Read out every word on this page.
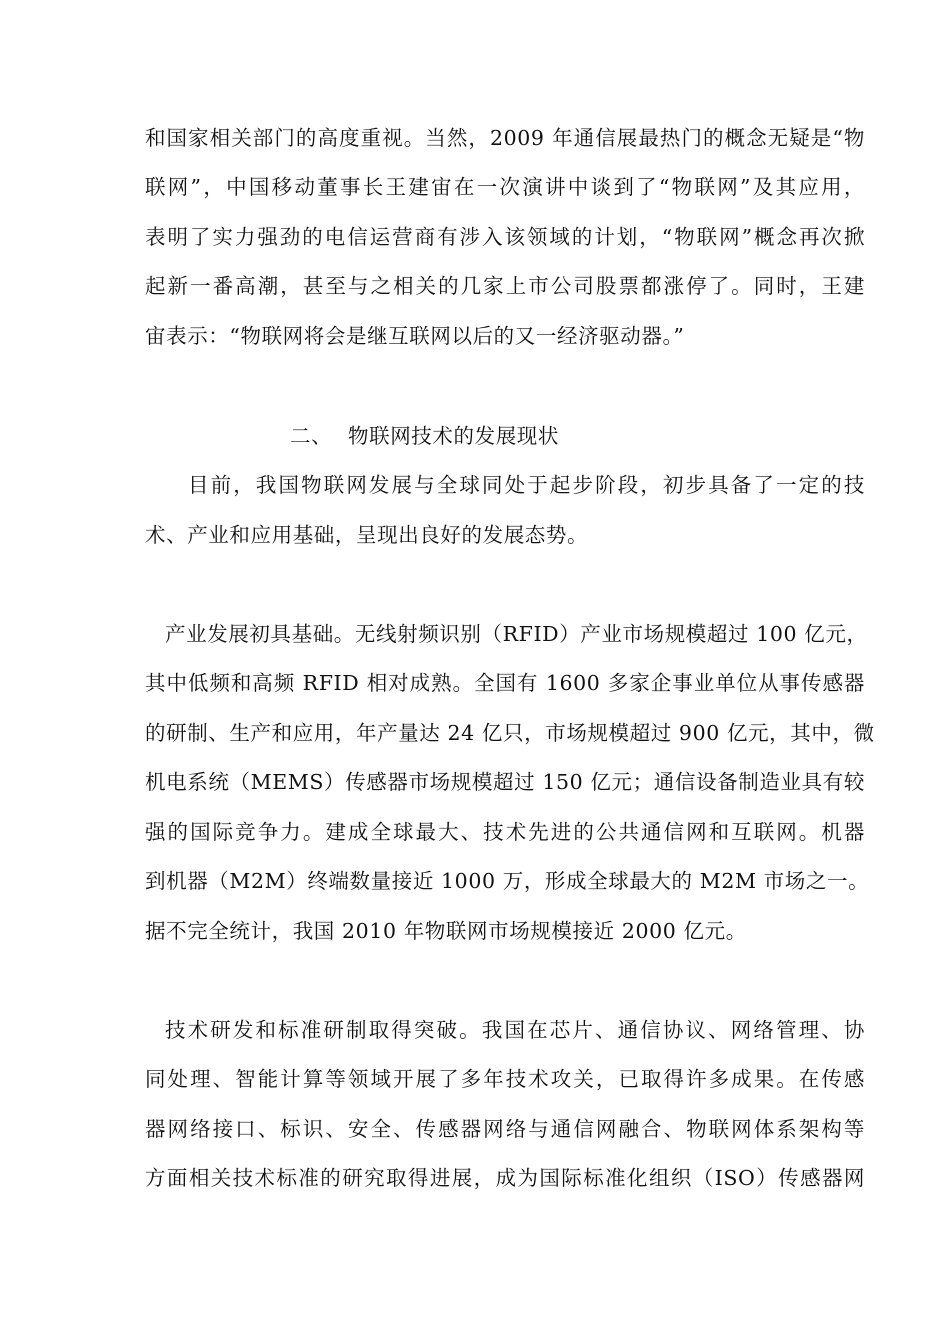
和国家相关部门的高度重视。当然，2009 年通信展最热门的概念无疑是“物
联网”，中国移动董事长王建宙在一次演讲中谈到了“物联网”及其应用，
表明了实力强劲的电信运营商有涉入该领域的计划，“物联网”概念再次掀
起新一番高潮，甚至与之相关的几家上市公司股票都涨停了。同时，王建
宙表示：“物联网将会是继互联网以后的又一经济驱动器。”
二、 物联网技术的发展现状
目前，我国物联网发展与全球同处于起步阶段，初步具备了一定的技
术、产业和应用基础，呈现出良好的发展态势。
产业发展初具基础。无线射频识别（RFID）产业市场规模超过 100 亿元，
其中低频和高频 RFID 相对成熟。全国有 1600 多家企事业单位从事传感器
的研制、生产和应用，年产量达 24 亿只，市场规模超过 900 亿元，其中，微
机电系统（MEMS）传感器市场规模超过 150 亿元；通信设备制造业具有较
强的国际竞争力。建成全球最大、技术先进的公共通信网和互联网。机器
到机器（M2M）终端数量接近 1000 万，形成全球最大的 M2M 市场之一。
据不完全统计，我国 2010 年物联网市场规模接近 2000 亿元。
技术研发和标准研制取得突破。我国在芯片、通信协议、网络管理、协
同处理、智能计算等领域开展了多年技术攻关，已取得许多成果。在传感
器网络接口、标识、安全、传感器网络与通信网融合、物联网体系架构等
方面相关技术标准的研究取得进展，成为国际标准化组织（ISO）传感器网
